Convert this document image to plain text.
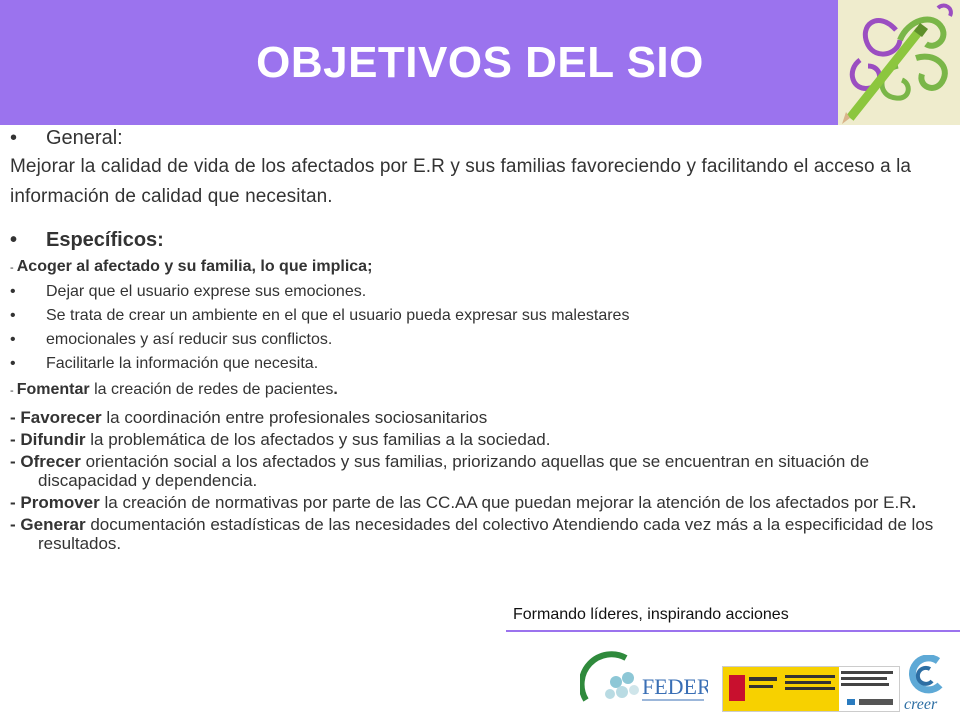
OBJETIVOS DEL SIO
• General:

Mejorar la calidad de vida de los afectados por E.R y sus familias favoreciendo y facilitando el acceso a la información de calidad que necesitan.

• Específicos:
- Acoger al afectado y su familia, lo que implica;
• Dejar que el usuario exprese sus emociones.
• Se trata de crear un ambiente en el que el usuario pueda expresar sus malestares
• emocionales y así reducir sus conflictos.
• Facilitarle la información que necesita.
- Fomentar la creación de redes de pacientes.
- Favorecer la coordinación entre profesionales sociosanitarios
- Difundir la problemática de los afectados y sus familias a la sociedad.
- Ofrecer orientación social a los afectados y sus familias, priorizando aquellas que se encuentran en situación de discapacidad y dependencia.
- Promover la creación de normativas por parte de las CC.AA que puedan mejorar la atención de los afectados por E.R.
- Generar documentación estadísticas de las necesidades del colectivo Atendiendo cada vez más a la especificidad de los resultados.
Formando líderes, inspirando acciones
FEDER
creer
